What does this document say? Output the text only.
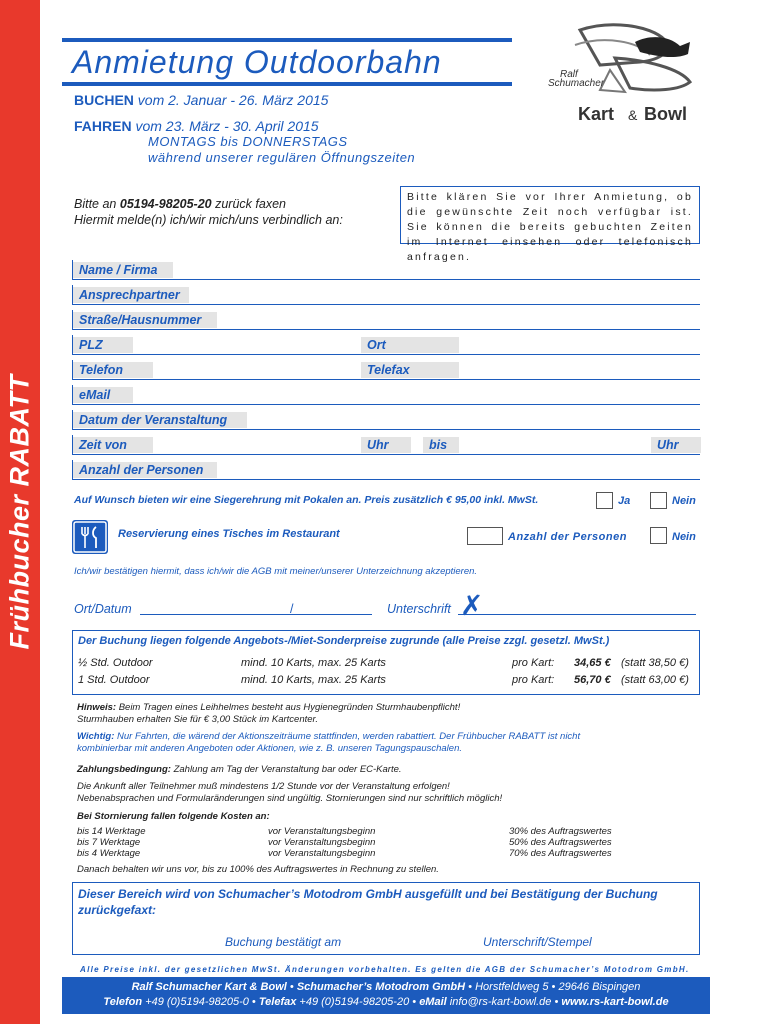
Frühbucher RABATT
Anmietung Outdoorbahn	Ralf
Schumacher
Kart & Bowl
BUCHEN vom 2. Januar - 26. März 2015
FAHREN vom 23. März - 30. April 2015
MONTAGS bis DONNERSTAGS
während unserer regulären Öffnungszeiten
Bitte an 05194-98205-20 zurück faxen
Hiermit melde(n) ich/wir mich/uns verbindlich an:
Bitte klären Sie vor Ihrer Anmietung, ob die gewünschte Zeit noch verfügbar ist. Sie können die bereits gebuchten Zeiten im Internet einsehen oder telefonisch anfragen.
Name / Firma
Ansprechpartner
Straße/Hausnummer
PLZ	Ort
Telefon	Telefax
eMail
Datum der Veranstaltung
Zeit von	Uhr	bis	Uhr
Anzahl der Personen
Auf Wunsch bieten wir eine Siegerehrung mit Pokalen an. Preis zusätzlich € 95,00 inkl. MwSt.	Ja	Nein
Reservierung eines Tisches im Restaurant	Anzahl der Personen	Nein
Ich/wir bestätigen hiermit, dass ich/wir die AGB mit meiner/unserer Unterzeichnung akzeptieren.
Ort/Datum	/	Unterschrift ✗
Der Buchung liegen folgende Angebots-/Miet-Sonderpreise zugrunde (alle Preise zzgl. gesetzl. MwSt.)
½ Std. Outdoor	mind. 10 Karts, max. 25 Karts	pro Kart: 34,65 € (statt 38,50 €)
1 Std. Outdoor	mind. 10 Karts, max. 25 Karts	pro Kart: 56,70 € (statt 63,00 €)
Hinweis: Beim Tragen eines Leihhelmes besteht aus Hygienegründen Sturmhaubenpflicht!
Sturmhauben erhalten Sie für € 3,00 Stück im Kartcenter.
Wichtig: Nur Fahrten, die wärend der Aktionszeiträume stattfinden, werden rabattiert. Der Frühbucher RABATT ist nicht
kombinierbar mit anderen Angeboten oder Aktionen, wie z. B. unseren Tagungspauschalen.
Zahlungsbedingung: Zahlung am Tag der Veranstaltung bar oder EC-Karte.
Die Ankunft aller Teilnehmer muß mindestens 1/2 Stunde vor der Veranstaltung erfolgen!
Nebenabsprachen und Formularänderungen sind ungültig. Stornierungen sind nur schriftlich möglich!
Bei Stornierung fallen folgende Kosten an:
bis 14 Werktage	vor Veranstaltungsbeginn	30% des Auftragswertes
bis 7 Werktage	vor Veranstaltungsbeginn	50% des Auftragswertes
bis 4 Werktage	vor Veranstaltungsbeginn	70% des Auftragswertes
Danach behalten wir uns vor, bis zu 100% des Auftragswertes in Rechnung zu stellen.
Dieser Bereich wird von Schumacher’s Motodrom GmbH ausgefüllt und bei Bestätigung der Buchung zurückgefaxt:
Buchung bestätigt am	Unterschrift/Stempel
Alle Preise inkl. der gesetzlichen MwSt. Änderungen vorbehalten. Es gelten die AGB der Schumacher’s Motodrom GmbH.
Ralf Schumacher Kart & Bowl • Schumacher’s Motodrom GmbH • Horstfeldweg 5 • 29646 Bispingen
Telefon +49 (0)5194-98205-0 • Telefax +49 (0)5194-98205-20 • eMail info@rs-kart-bowl.de • www.rs-kart-bowl.de
